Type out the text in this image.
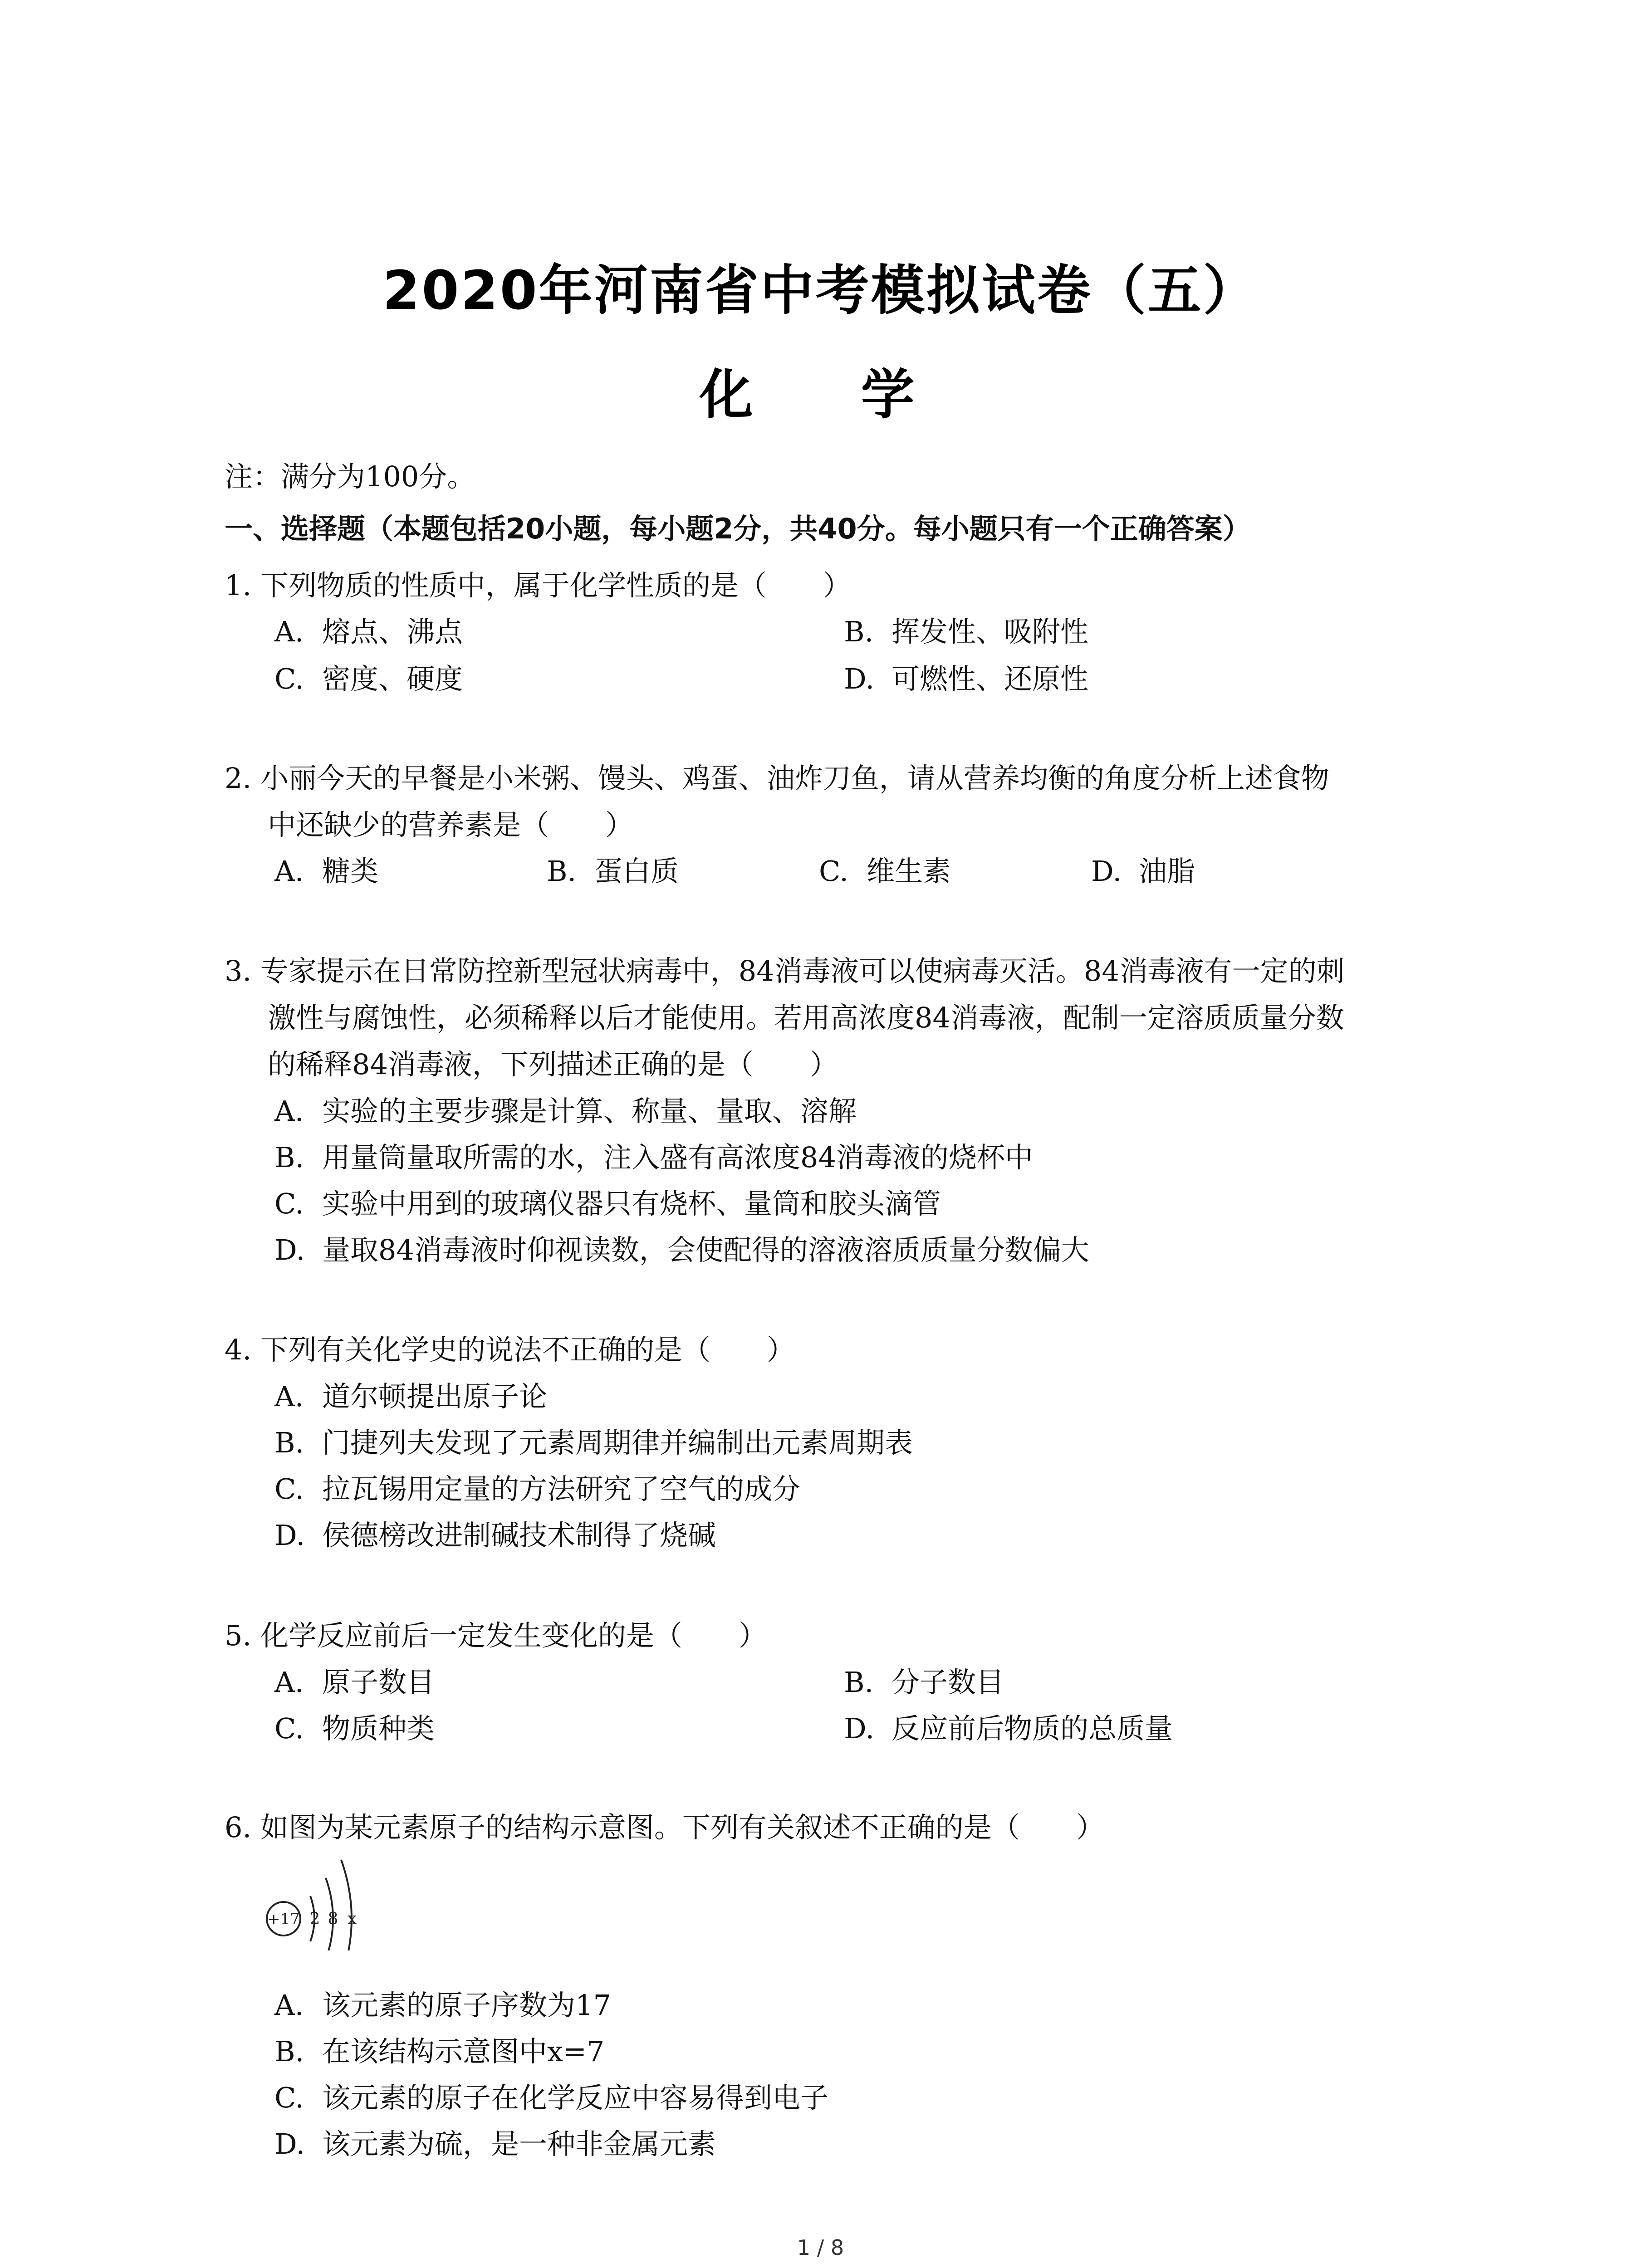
2020年河南省中考模拟试卷（五）
化　学
注：满分为100分。
一、选择题（本题包括20小题，每小题2分，共40分。每小题只有一个正确答案）
1. 下列物质的性质中，属于化学性质的是（　　）
A. 熔点、沸点	B. 挥发性、吸附性
C. 密度、硬度	D. 可燃性、还原性
2. 小丽今天的早餐是小米粥、馒头、鸡蛋、油炸刀鱼，请从营养均衡的角度分析上述食物
中还缺少的营养素是（　　）
A. 糖类	B. 蛋白质	C. 维生素	D. 油脂
3. 专家提示在日常防控新型冠状病毒中，84消毒液可以使病毒灭活。84消毒液有一定的刺
激性与腐蚀性，必须稀释以后才能使用。若用高浓度84消毒液，配制一定溶质质量分数
的稀释84消毒液，下列描述正确的是（　　）
A. 实验的主要步骤是计算、称量、量取、溶解
B. 用量筒量取所需的水，注入盛有高浓度84消毒液的烧杯中
C. 实验中用到的玻璃仪器只有烧杯、量筒和胶头滴管
D. 量取84消毒液时仰视读数，会使配得的溶液溶质质量分数偏大
4. 下列有关化学史的说法不正确的是（　　）
A. 道尔顿提出原子论
B. 门捷列夫发现了元素周期律并编制出元素周期表
C. 拉瓦锡用定量的方法研究了空气的成分
D. 侯德榜改进制碱技术制得了烧碱
5. 化学反应前后一定发生变化的是（　　）
A. 原子数目	B. 分子数目
C. 物质种类	D. 反应前后物质的总质量
6. 如图为某元素原子的结构示意图。下列有关叙述不正确的是（　　）
+17 2 8 x
A. 该元素的原子序数为17
B. 在该结构示意图中x=7
C. 该元素的原子在化学反应中容易得到电子
D. 该元素为硫，是一种非金属元素
1 / 8
